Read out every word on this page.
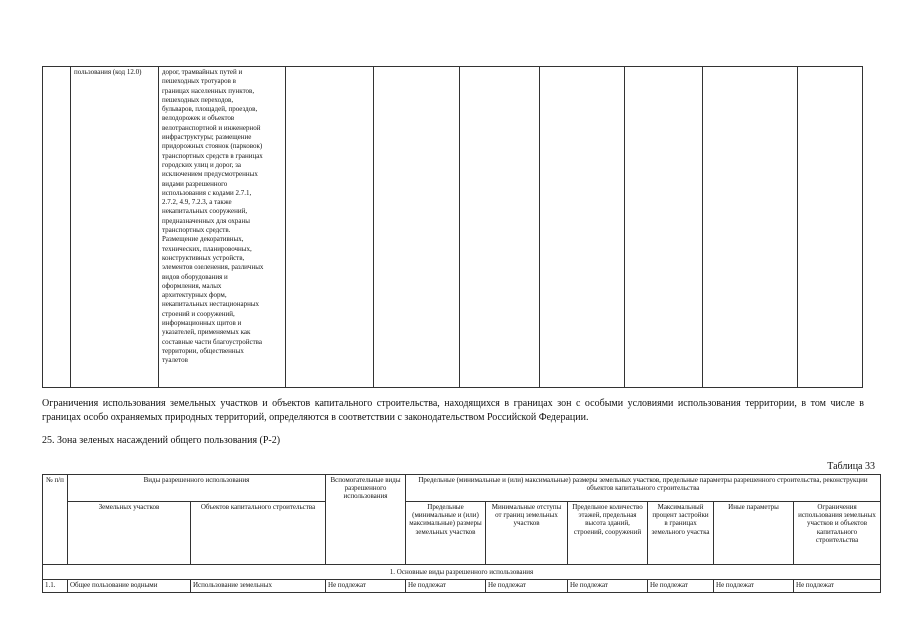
	пользования (код 12.0)	дорог, трамвайных путей и
пешеходных тротуаров в
границах населенных пунктов,
пешеходных переходов,
бульваров, площадей, проездов,
велодорожек и объектов
велотранспортной и инженерной
инфраструктуры; размещение
придорожных стоянок (парковок)
транспортных средств в границах
городских улиц и дорог, за
исключением предусмотренных
видами разрешенного
использования с кодами 2.7.1,
2.7.2, 4.9, 7.2.3, а также
некапитальных сооружений,
предназначенных для охраны
транспортных средств.
Размещение декоративных,
технических, планировочных,
конструктивных устройств,
элементов озеленения, различных
видов оборудования и
оформления, малых
архитектурных форм,
некапитальных нестационарных
строений и сооружений,
информационных щитов и
указателей, применяемых как
составные части благоустройства
территории, общественных
туалетов

Ограничения использования земельных участков и объектов капитального строительства, находящихся в границах зон с особыми условиями использования территории, в том числе в границах особо охраняемых природных территорий, определяются в соответствии с законодательством Российской Федерации.
25. Зона зеленых насаждений общего пользования (Р-2)
Таблица 33
№ п/п	Виды разрешенного использования		Вспомогательные виды разрешенного использования	Предельные (минимальные и (или) максимальные) размеры земельных участков, предельные параметры разрешенного строительства, реконструкции объектов капитального строительства					
	Земельных участков	Объектов капитального строительства		Предельные (минимальные и (или) максимальные) размеры земельных участков	Минимальные отступы от границ земельных участков	Предельное количество этажей, предельная высота зданий, строений, сооружений	Максимальный процент застройки в границах земельного участка	Иные параметры	Ограничения использования земельных участков и объектов капитального строительства
1. Основные виды разрешенного использования									
1.1.	Общее пользование водными	Использование земельных	Не подлежат	Не подлежат	Не подлежат	Не подлежат	Не подлежат	Не подлежат	Не подлежат
